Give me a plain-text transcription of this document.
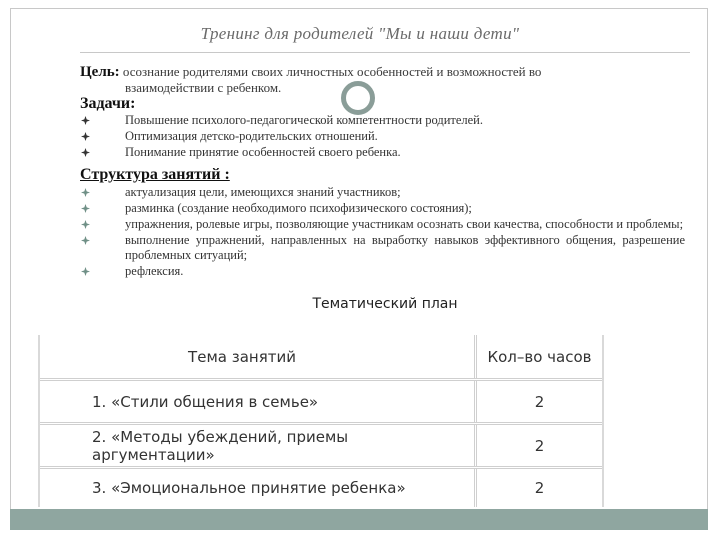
Тренинг для родителей "Мы и наши дети"
Цель: осознание родителями своих личностных особенностей и возможностей во
взаимодействии с ребенком.
Задачи:
Повышение психолого-педагогической компетентности родителей.
Оптимизация детско-родительских отношений.
Понимание принятие особенностей своего ребенка.
Структура занятий :
актуализация цели, имеющихся знаний участников;
разминка (создание необходимого психофизического состояния);
упражнения, ролевые игры, позволяющие участникам осознать свои качества, способности и проблемы;
выполнение упражнений, направленных на выработку навыков эффективного общения, разрешение проблемных ситуаций;
рефлексия.
Тематический план
Тема занятий	Кол–во часов
1. «Стили общения в семье»	2
2. «Методы убеждений, приемы аргументации»	2
3. «Эмоциональное принятие ребенка»	2
